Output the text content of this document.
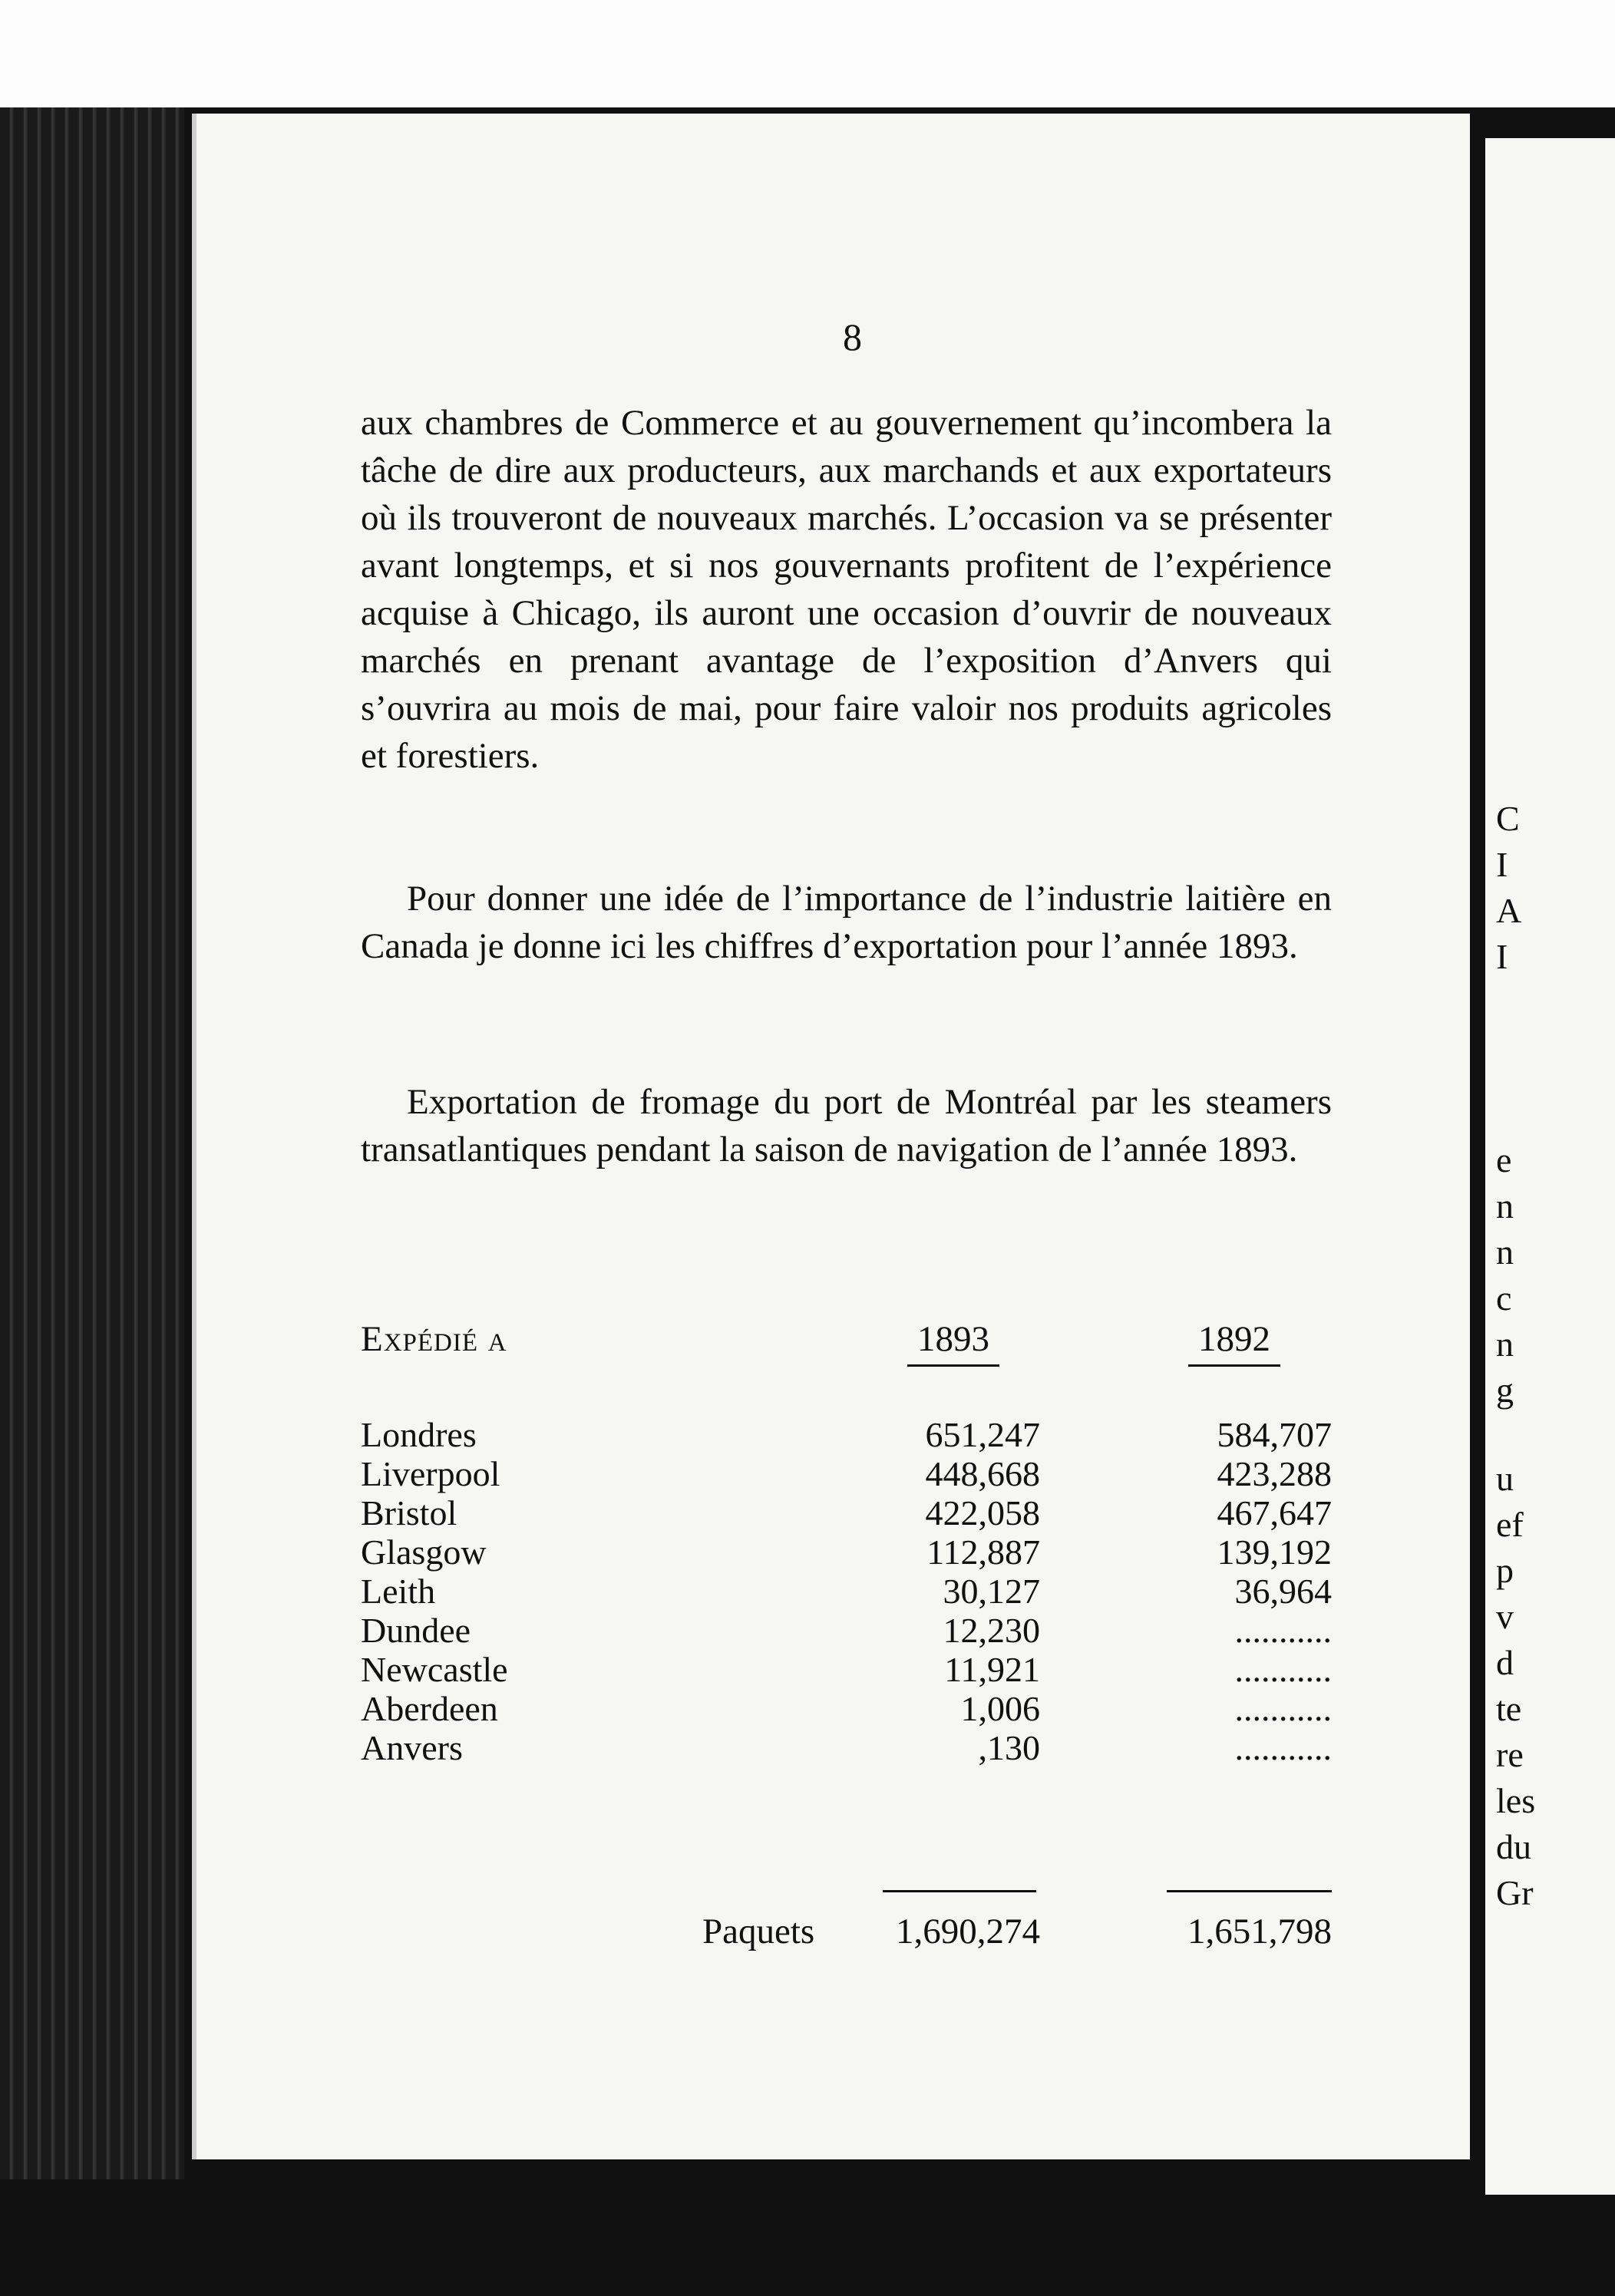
8

aux chambres de Commerce et au gouvernement qu’incombera la tâche de dire aux producteurs, aux marchands et aux exportateurs où ils trouveront de nouveaux marchés. L’occasion va se présenter avant longtemps, et si nos gouvernants profitent de l’expérience acquise à Chicago, ils auront une occasion d’ouvrir de nouveaux marchés en prenant avantage de l’exposition d’Anvers qui s’ouvrira au mois de mai, pour faire valoir nos produits agricoles et forestiers.

Pour donner une idée de l’importance de l’industrie laitière en Canada je donne ici les chiffres d’exportation pour l’année 1893.

Exportation de fromage du port de Montréal par les steamers transatlantiques pendant la saison de navigation de l’année 1893.

Expédié a	1893	1892
Londres	651,247	584,707
Liverpool	448,668	423,288
Bristol	422,058	467,647
Glasgow	112,887	139,192
Leith	30,127	36,964
Dundee	12,230	...........
Newcastle	11,921	...........
Aberdeen	1,006	...........
Anvers	,130	...........
Paquets 1,690,274	1,651,798
C
I
A
I
e
n
n
c
n
g
u
ef
p
v
d
te
re
les
du
Gr
